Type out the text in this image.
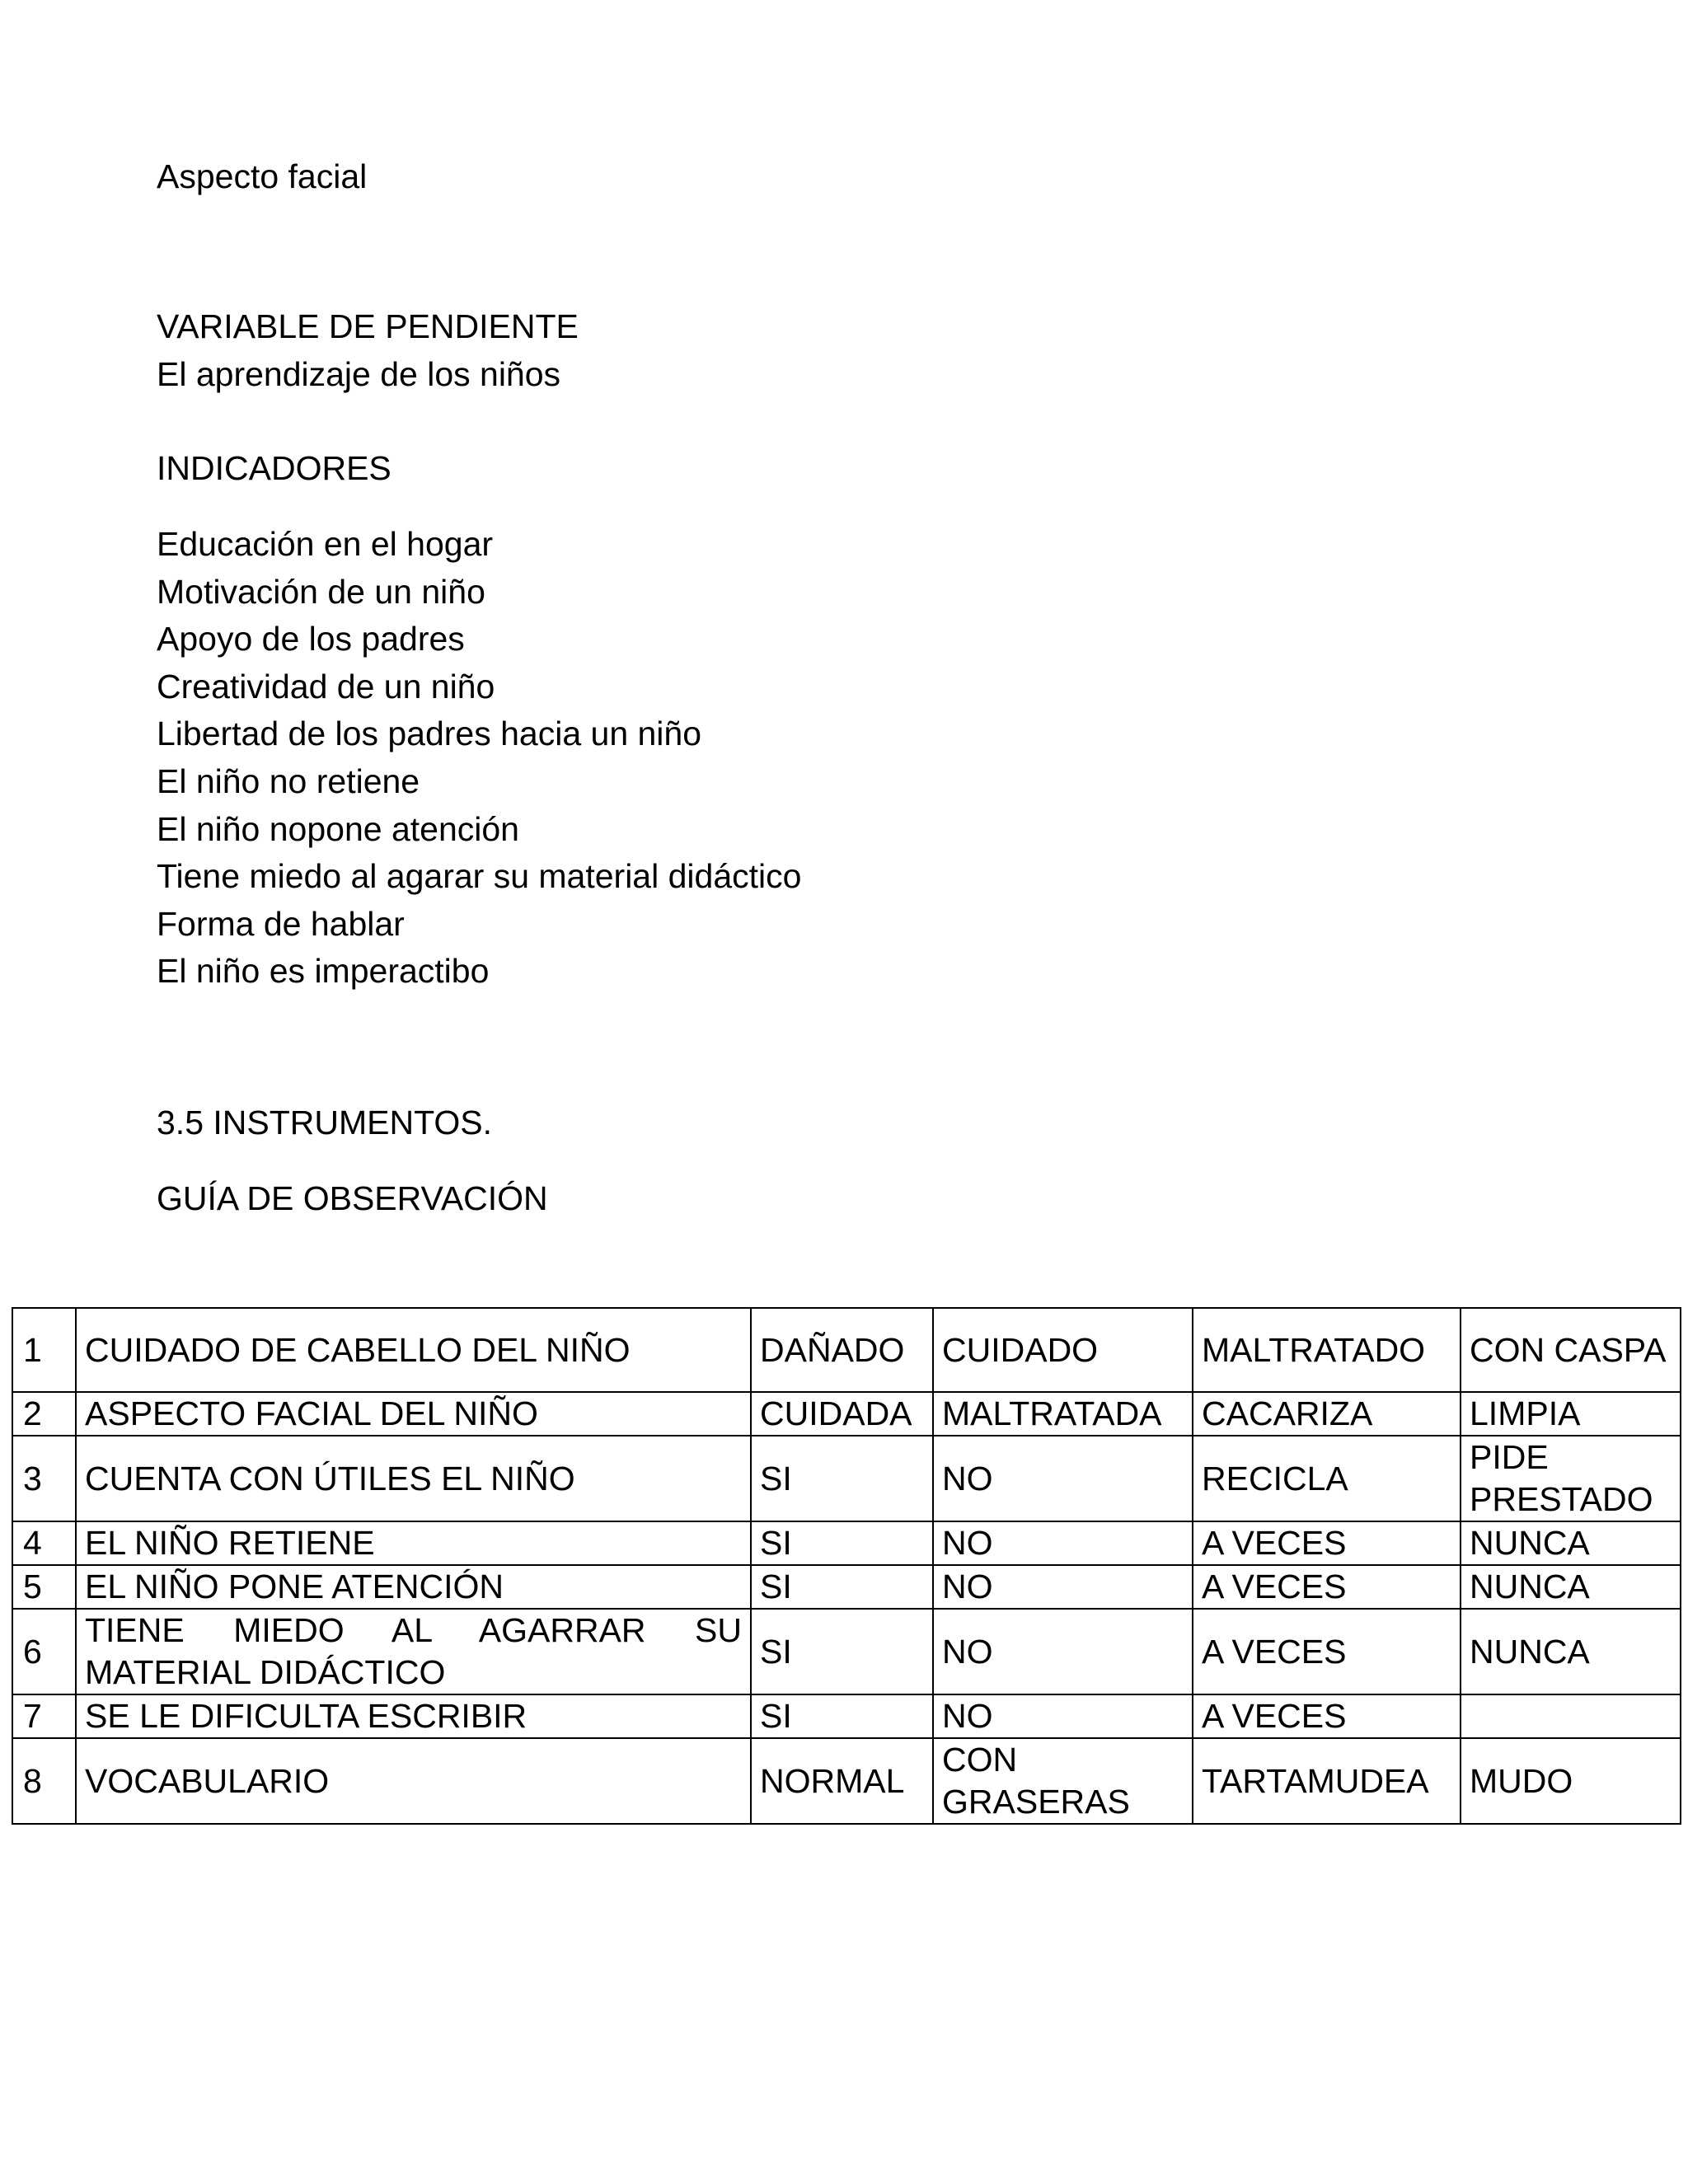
Aspecto facial
VARIABLE DE PENDIENTE

El aprendizaje de los niños

INDICADORES
Educación en el hogar
Motivación de un niño
Apoyo de los padres
Creatividad de un niño
Libertad de los padres hacia un niño
El niño no retiene
El niño nopone atención
Tiene miedo al agarar su material didáctico
Forma de hablar
El niño es imperactibo
3.5 INSTRUMENTOS.
GUÍA DE OBSERVACIÓN
1	CUIDADO DE CABELLO DEL NIÑO	DAÑADO	CUIDADO	MALTRATADO	CON CASPA
2	ASPECTO FACIAL DEL NIÑO	CUIDADA	MALTRATADA	CACARIZA	LIMPIA
3	CUENTA CON ÚTILES EL NIÑO	SI	NO	RECICLA	PIDE PRESTADO
4	EL NIÑO RETIENE	SI	NO	A VECES	NUNCA
5	EL NIÑO PONE ATENCIÓN	SI	NO	A VECES	NUNCA
6	TIENE MIEDO AL AGARRAR SU MATERIAL DIDÁCTICO	SI	NO	A VECES	NUNCA
7	SE LE DIFICULTA ESCRIBIR	SI	NO	A VECES	
8	VOCABULARIO	NORMAL	CON GRASERAS	TARTAMUDEA	MUDO
